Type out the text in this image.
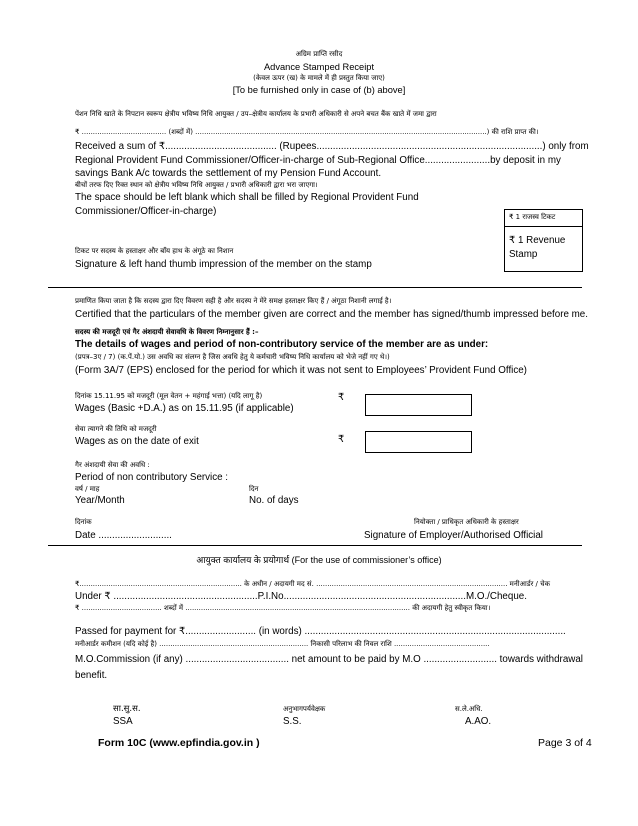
अग्रिम प्राप्ति रसीद
Advance Stamped Receipt
(केवल ऊपर (ख) के मामले में ही प्रस्तुत किया जाए)
[To be furnished only in case of (b) above]
पेंशन निधि खाते के निपटान स्वरूप क्षेत्रीय भविष्य निधि आयुक्त / उप–क्षेत्रीय कार्यालय के प्रभारी अधिकारी से अपने बचत बैंक खाते में जमा द्वारा
₹ ...................................... (शब्दों में) ...................................................................................................................................) की राशि प्राप्त की।
Received a sum of ₹......................................... (Rupees...................................................................................) only from
Regional Provident Fund Commissioner/Officer-in-charge of Sub-Regional Office........................by deposit in my
savings Bank A/c towards the settlement of my Pension Fund Account.
बीचों तरफ दिए रिक्त स्थान को क्षेत्रीय भविष्य निधि आयुक्त / प्रभारी अधिकारी द्वारा भरा जाएगा।
The space should be left blank which shall be filled by Regional Provident Fund
Commissioner/Officer-in-charge)	₹ 1 राजस्व टिकट
₹ 1 Revenue
Stamp
टिकट पर सदस्य के हस्ताक्षर और बाँय हाथ के अंगूठे का निशान
Signature & left hand thumb impression of the member on the stamp
प्रमाणित किया जाता है कि सदस्य द्वारा दिए विवरण सही है और सदस्य ने मेरे समक्ष हस्ताक्षर किए हैं / अंगूठा निशानी लगाई है।
Certified that the particulars of the member given are correct and the member has signed/thumb impressed before me.
सदस्य की मजदूरी एवं गैर अंशदायी सेवावधि के विवरण निम्नानुसार हैं :–
The details of wages and period of non-contributory service of the member are as under:
(प्रपत्र–3ए / 7) (क.पें.यो.) उस अवधि का संलग्न है जिस अवधि हेतु ये कर्मचारी भविष्य निधि कार्यालय को भेजे नहीं गए थे।)
(Form 3A/7 (EPS) enclosed for the period for which it was not sent to Employees’ Provident Fund Office)
दिनांक 15.11.95 को मजदूरी (मूल वेतन + महंगाई भत्ता) (यदि लागू है)
Wages (Basic +D.A.) as on 15.11.95 (if applicable)
₹
सेवा त्यागने की तिथि को मजदूरी
Wages as on the date of exit	₹
गैर अंशदायी सेवा की अवधि :
Period of non contributory Service :
वर्ष / माह
Year/Month
दिन
No. of days
दिनांक
Date ...........................
नियोक्ता / प्राधिकृत अधिकारी के हस्ताक्षर
Signature of Employer/Authorised Official
आयुक्त कार्यालय के प्रयोगार्थ (For the use of commissioner’s office)
₹......................................................................... के अधीन / अदायगी मद सं. ...................................................................................... मनीआर्डर / चेक
Under ₹ .....................................................P.I.No...................................................................M.O./Cheque.
₹ .................................... शब्दों में ..................................................................................................... की अदायगी हेतु स्वीकृत किया।
Passed for payment for ₹.......................... (in words) ................................................................................................
मनीआर्डर कमीशन (यदि कोई है) ................................................................... निकासी परिलाभ की निवल राशि ...........................................
M.O.Commission (if any) ...................................... net amount to be paid by M.O ........................... towards withdrawal
benefit.
सा.सु.स.
SSA
अनुभागपर्यवेक्षक
S.S.
स.ले.अधि.
A.AO.
Form 10C (www.epfindia.gov.in )	Page 3 of 4
